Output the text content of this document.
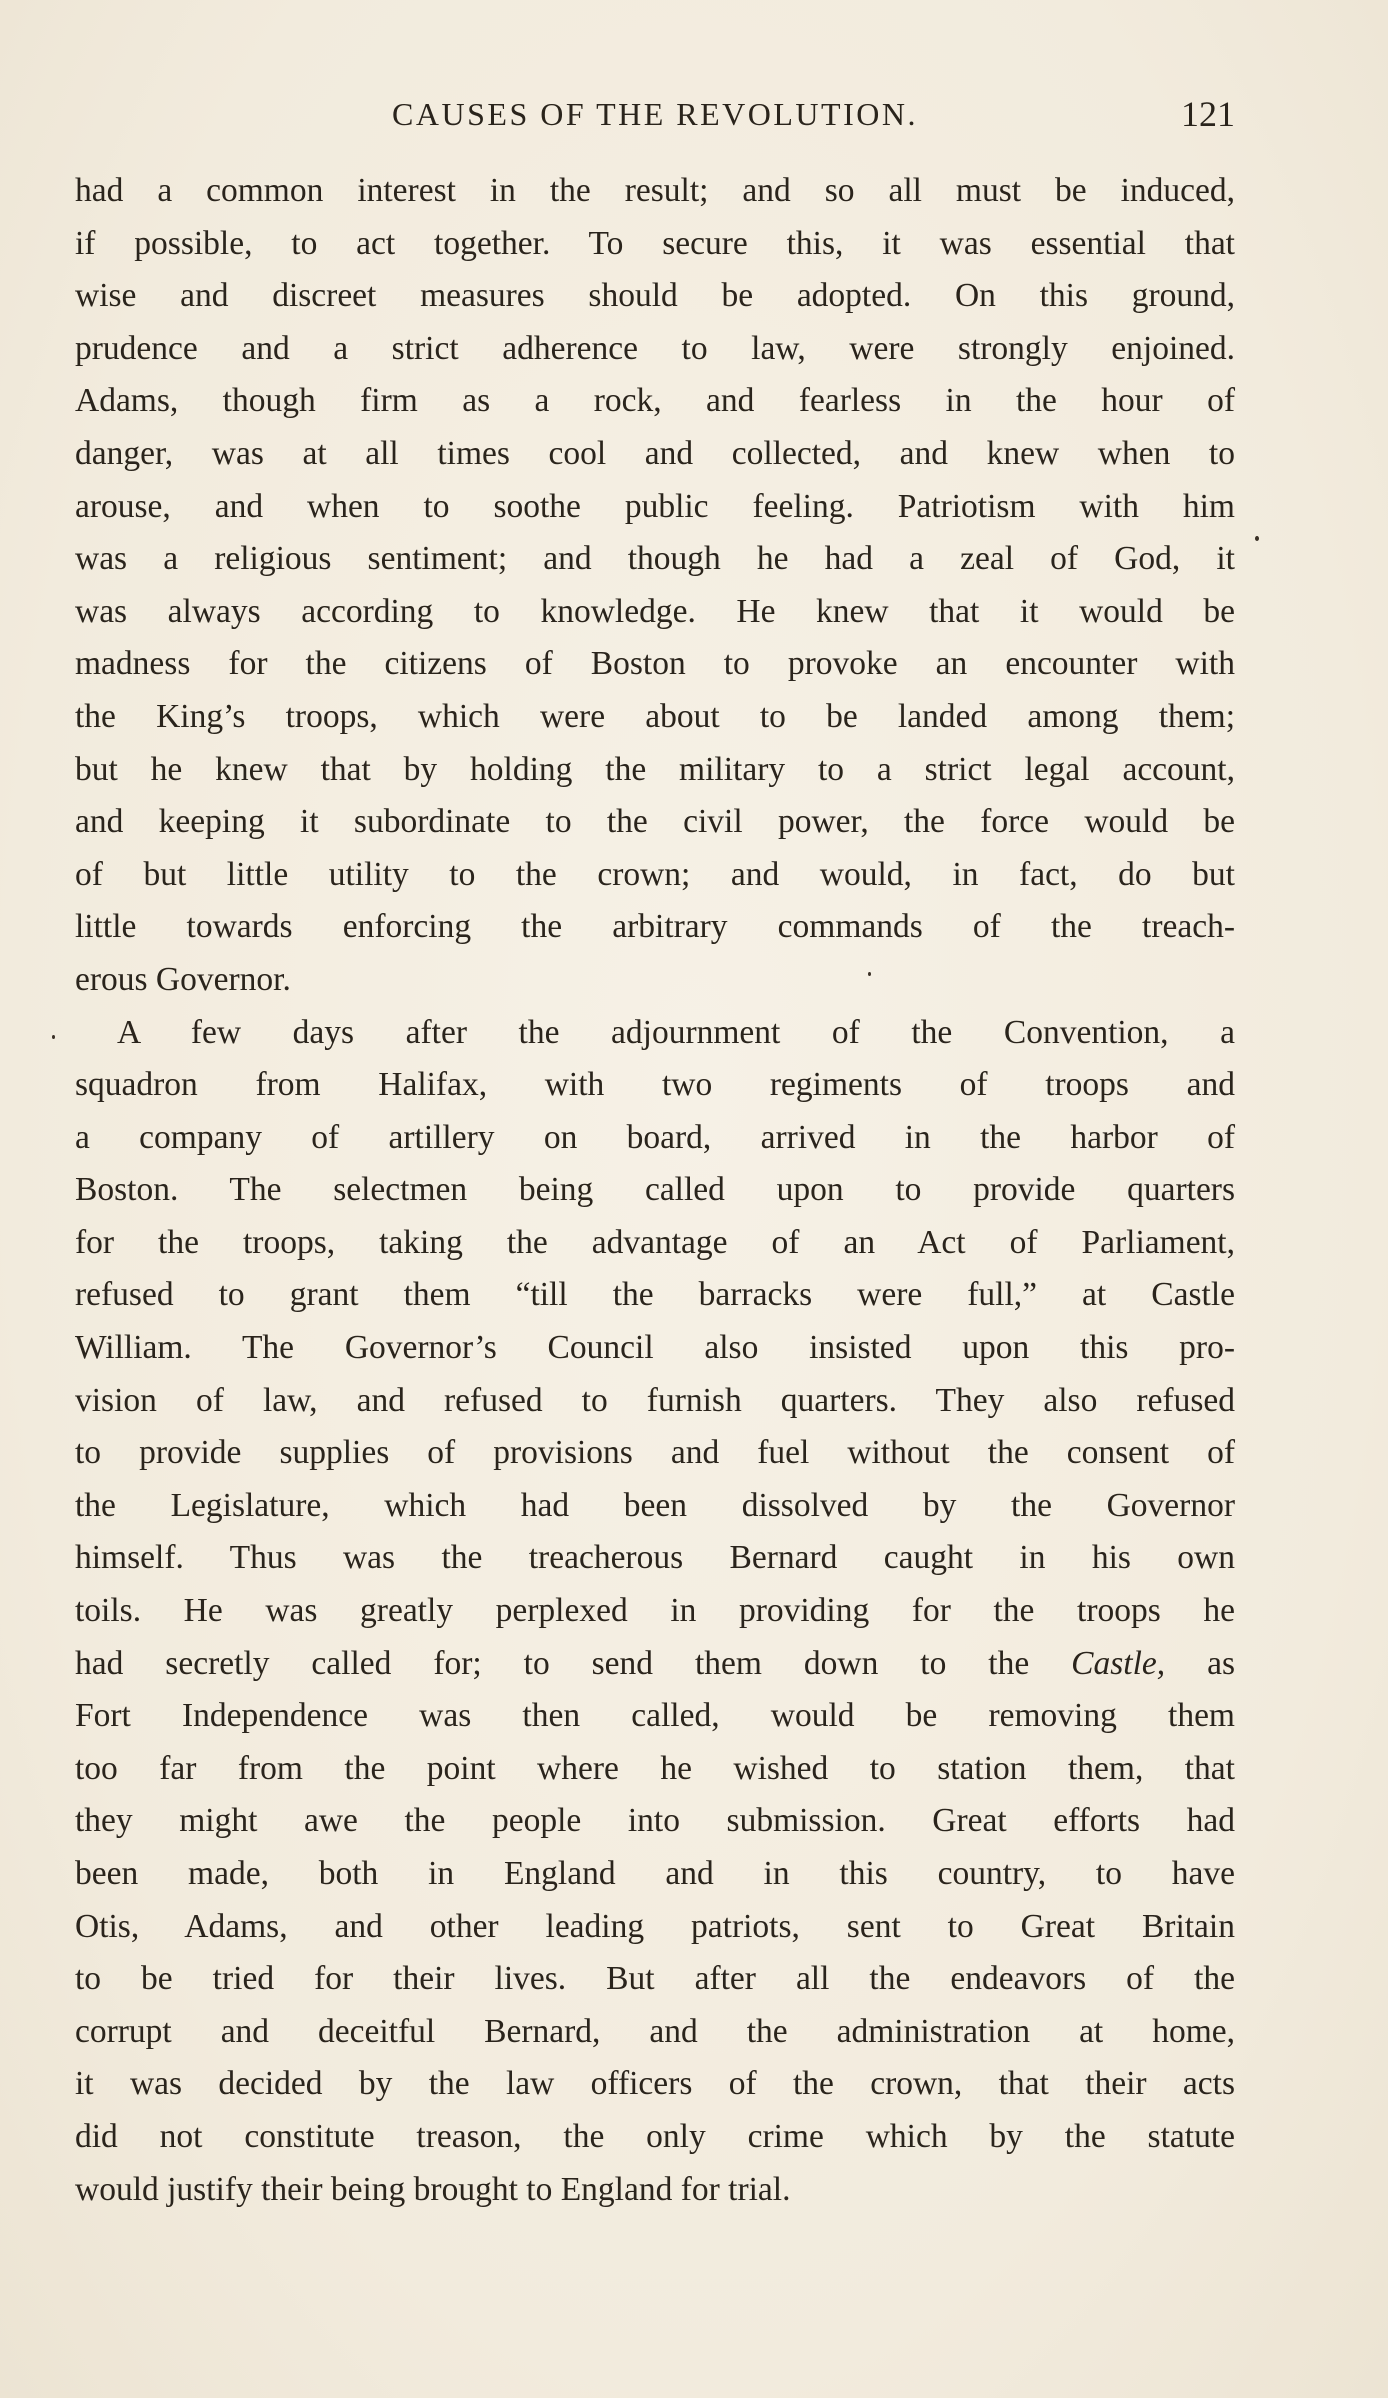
CAUSES OF THE REVOLUTION.	121
had a common interest in the result; and so all must be induced,
if possible, to act together. To secure this, it was essential that
wise and discreet measures should be adopted. On this ground,
prudence and a strict adherence to law, were strongly enjoined.
Adams, though firm as a rock, and fearless in the hour of
danger, was at all times cool and collected, and knew when to
arouse, and when to soothe public feeling. Patriotism with him
was a religious sentiment; and though he had a zeal of God, it
was always according to knowledge. He knew that it would be
madness for the citizens of Boston to provoke an encounter with
the King’s troops, which were about to be landed among them;
but he knew that by holding the military to a strict legal account,
and keeping it subordinate to the civil power, the force would be
of but little utility to the crown; and would, in fact, do but
little towards enforcing the arbitrary commands of the treach-
erous Governor.
A few days after the adjournment of the Convention, a
squadron from Halifax, with two regiments of troops and
a company of artillery on board, arrived in the harbor of
Boston. The selectmen being called upon to provide quarters
for the troops, taking the advantage of an Act of Parliament,
refused to grant them “till the barracks were full,” at Castle
William. The Governor’s Council also insisted upon this pro-
vision of law, and refused to furnish quarters. They also refused
to provide supplies of provisions and fuel without the consent of
the Legislature, which had been dissolved by the Governor
himself. Thus was the treacherous Bernard caught in his own
toils. He was greatly perplexed in providing for the troops he
had secretly called for; to send them down to the Castle, as
Fort Independence was then called, would be removing them
too far from the point where he wished to station them, that
they might awe the people into submission. Great efforts had
been made, both in England and in this country, to have
Otis, Adams, and other leading patriots, sent to Great Britain
to be tried for their lives. But after all the endeavors of the
corrupt and deceitful Bernard, and the administration at home,
it was decided by the law officers of the crown, that their acts
did not constitute treason, the only crime which by the statute
would justify their being brought to England for trial.
